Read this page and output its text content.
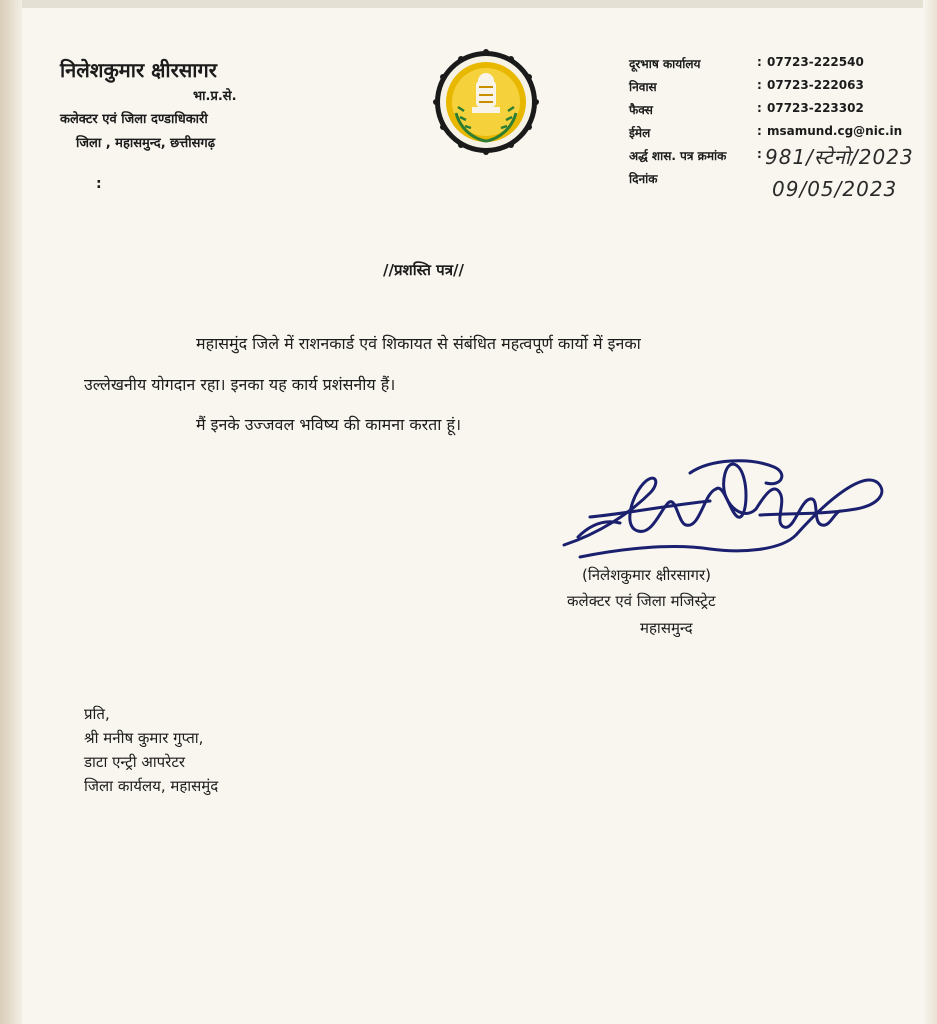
निलेशकुमार क्षीरसागर
भा.प्र.से.
कलेक्टर एवं जिला दण्डाधिकारी
जिला , महासमुन्द, छत्तीसगढ़
:
दूरभाष कार्यालय	: 07723-222540
निवास	: 07723-222063
फैक्स	: 07723-223302
ईमेल	: msamund.cg@nic.in
अर्द्ध शास. पत्र क्रमांक	: 981/स्टेनो/2023
दिनांक	09/05/2023
//प्रशस्ति पत्र//
महासमुंद जिले में राशनकार्ड एवं शिकायत से संबंधित महत्वपूर्ण कार्यो में इनका
उल्लेखनीय योगदान रहा। इनका यह कार्य प्रशंसनीय हैं।
मैं इनके उज्जवल भविष्य की कामना करता हूं।
(निलेशकुमार क्षीरसागर)
कलेक्टर एवं जिला मजिस्ट्रेट
महासमुन्द
प्रति,
श्री मनीष कुमार गुप्ता,
डाटा एन्ट्री आपरेटर
जिला कार्यलय, महासमुंद
